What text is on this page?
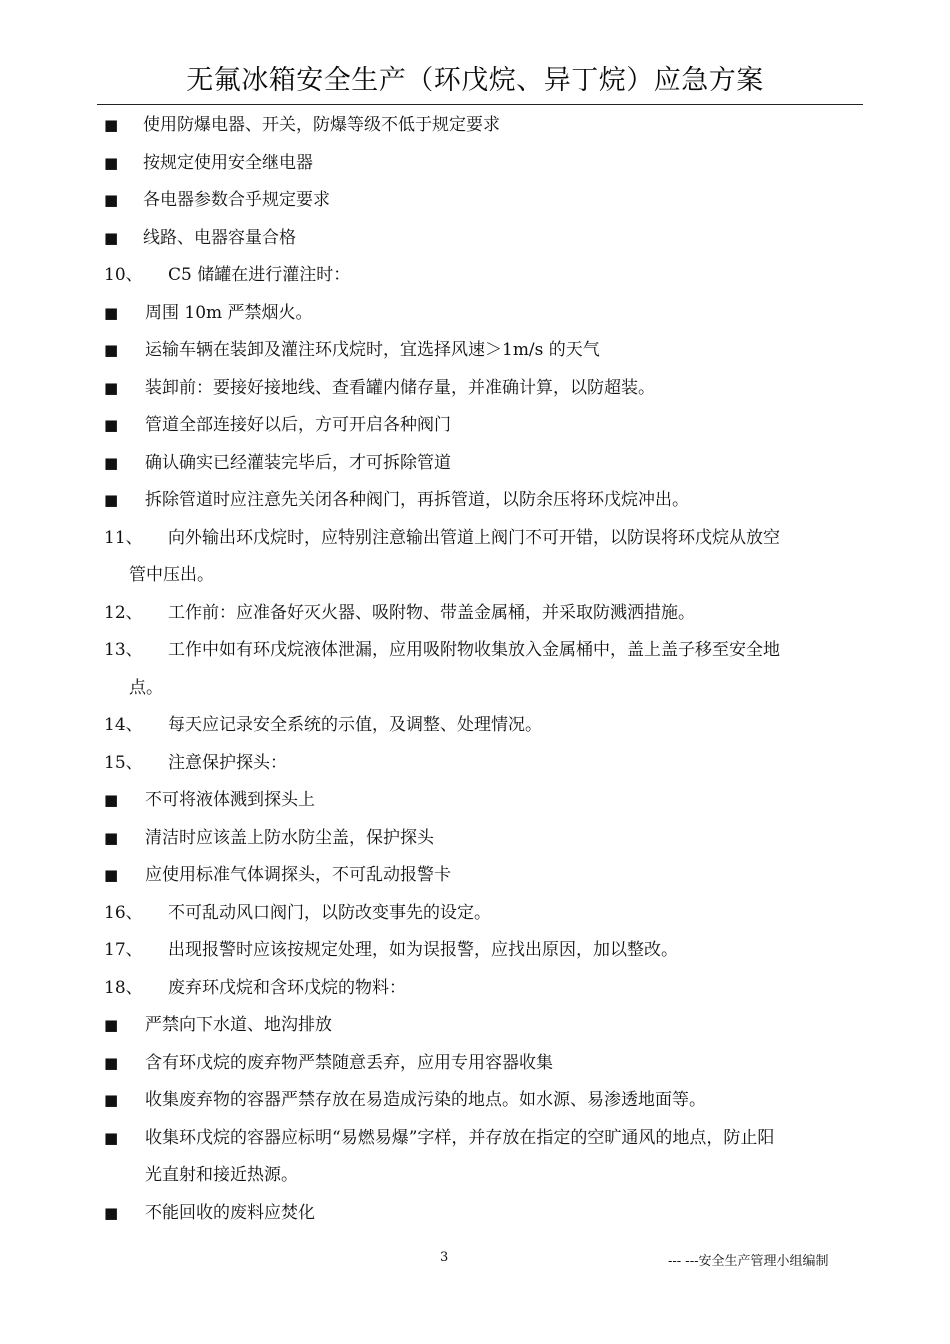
无氟冰箱安全生产（环戊烷、异丁烷）应急方案
■ 使用防爆电器、开关，防爆等级不低于规定要求
■ 按规定使用安全继电器
■ 各电器参数合乎规定要求
■ 线路、电器容量合格
10、 C5 储罐在进行灌注时：
■ 周围 10m 严禁烟火。
■ 运输车辆在装卸及灌注环戊烷时，宜选择风速＞1m/s 的天气
■ 装卸前：要接好接地线、查看罐内储存量，并准确计算，以防超装。
■ 管道全部连接好以后，方可开启各种阀门
■ 确认确实已经灌装完毕后，才可拆除管道
■ 拆除管道时应注意先关闭各种阀门，再拆管道，以防余压将环戊烷冲出。
11、 向外输出环戊烷时，应特别注意输出管道上阀门不可开错，以防误将环戊烷从放空
管中压出。
12、 工作前：应准备好灭火器、吸附物、带盖金属桶，并采取防溅洒措施。
13、 工作中如有环戊烷液体泄漏，应用吸附物收集放入金属桶中，盖上盖子移至安全地
点。
14、 每天应记录安全系统的示值，及调整、处理情况。
15、 注意保护探头：
■ 不可将液体溅到探头上
■ 清洁时应该盖上防水防尘盖，保护探头
■ 应使用标准气体调探头，不可乱动报警卡
16、 不可乱动风口阀门，以防改变事先的设定。
17、 出现报警时应该按规定处理，如为误报警，应找出原因，加以整改。
18、 废弃环戊烷和含环戊烷的物料：
■ 严禁向下水道、地沟排放
■ 含有环戊烷的废弃物严禁随意丢弃，应用专用容器收集
■ 收集废弃物的容器严禁存放在易造成污染的地点。如水源、易渗透地面等。
■ 收集环戊烷的容器应标明“易燃易爆”字样，并存放在指定的空旷通风的地点，防止阳
光直射和接近热源。
■ 不能回收的废料应焚化
3	--- ---安全生产管理小组编制
